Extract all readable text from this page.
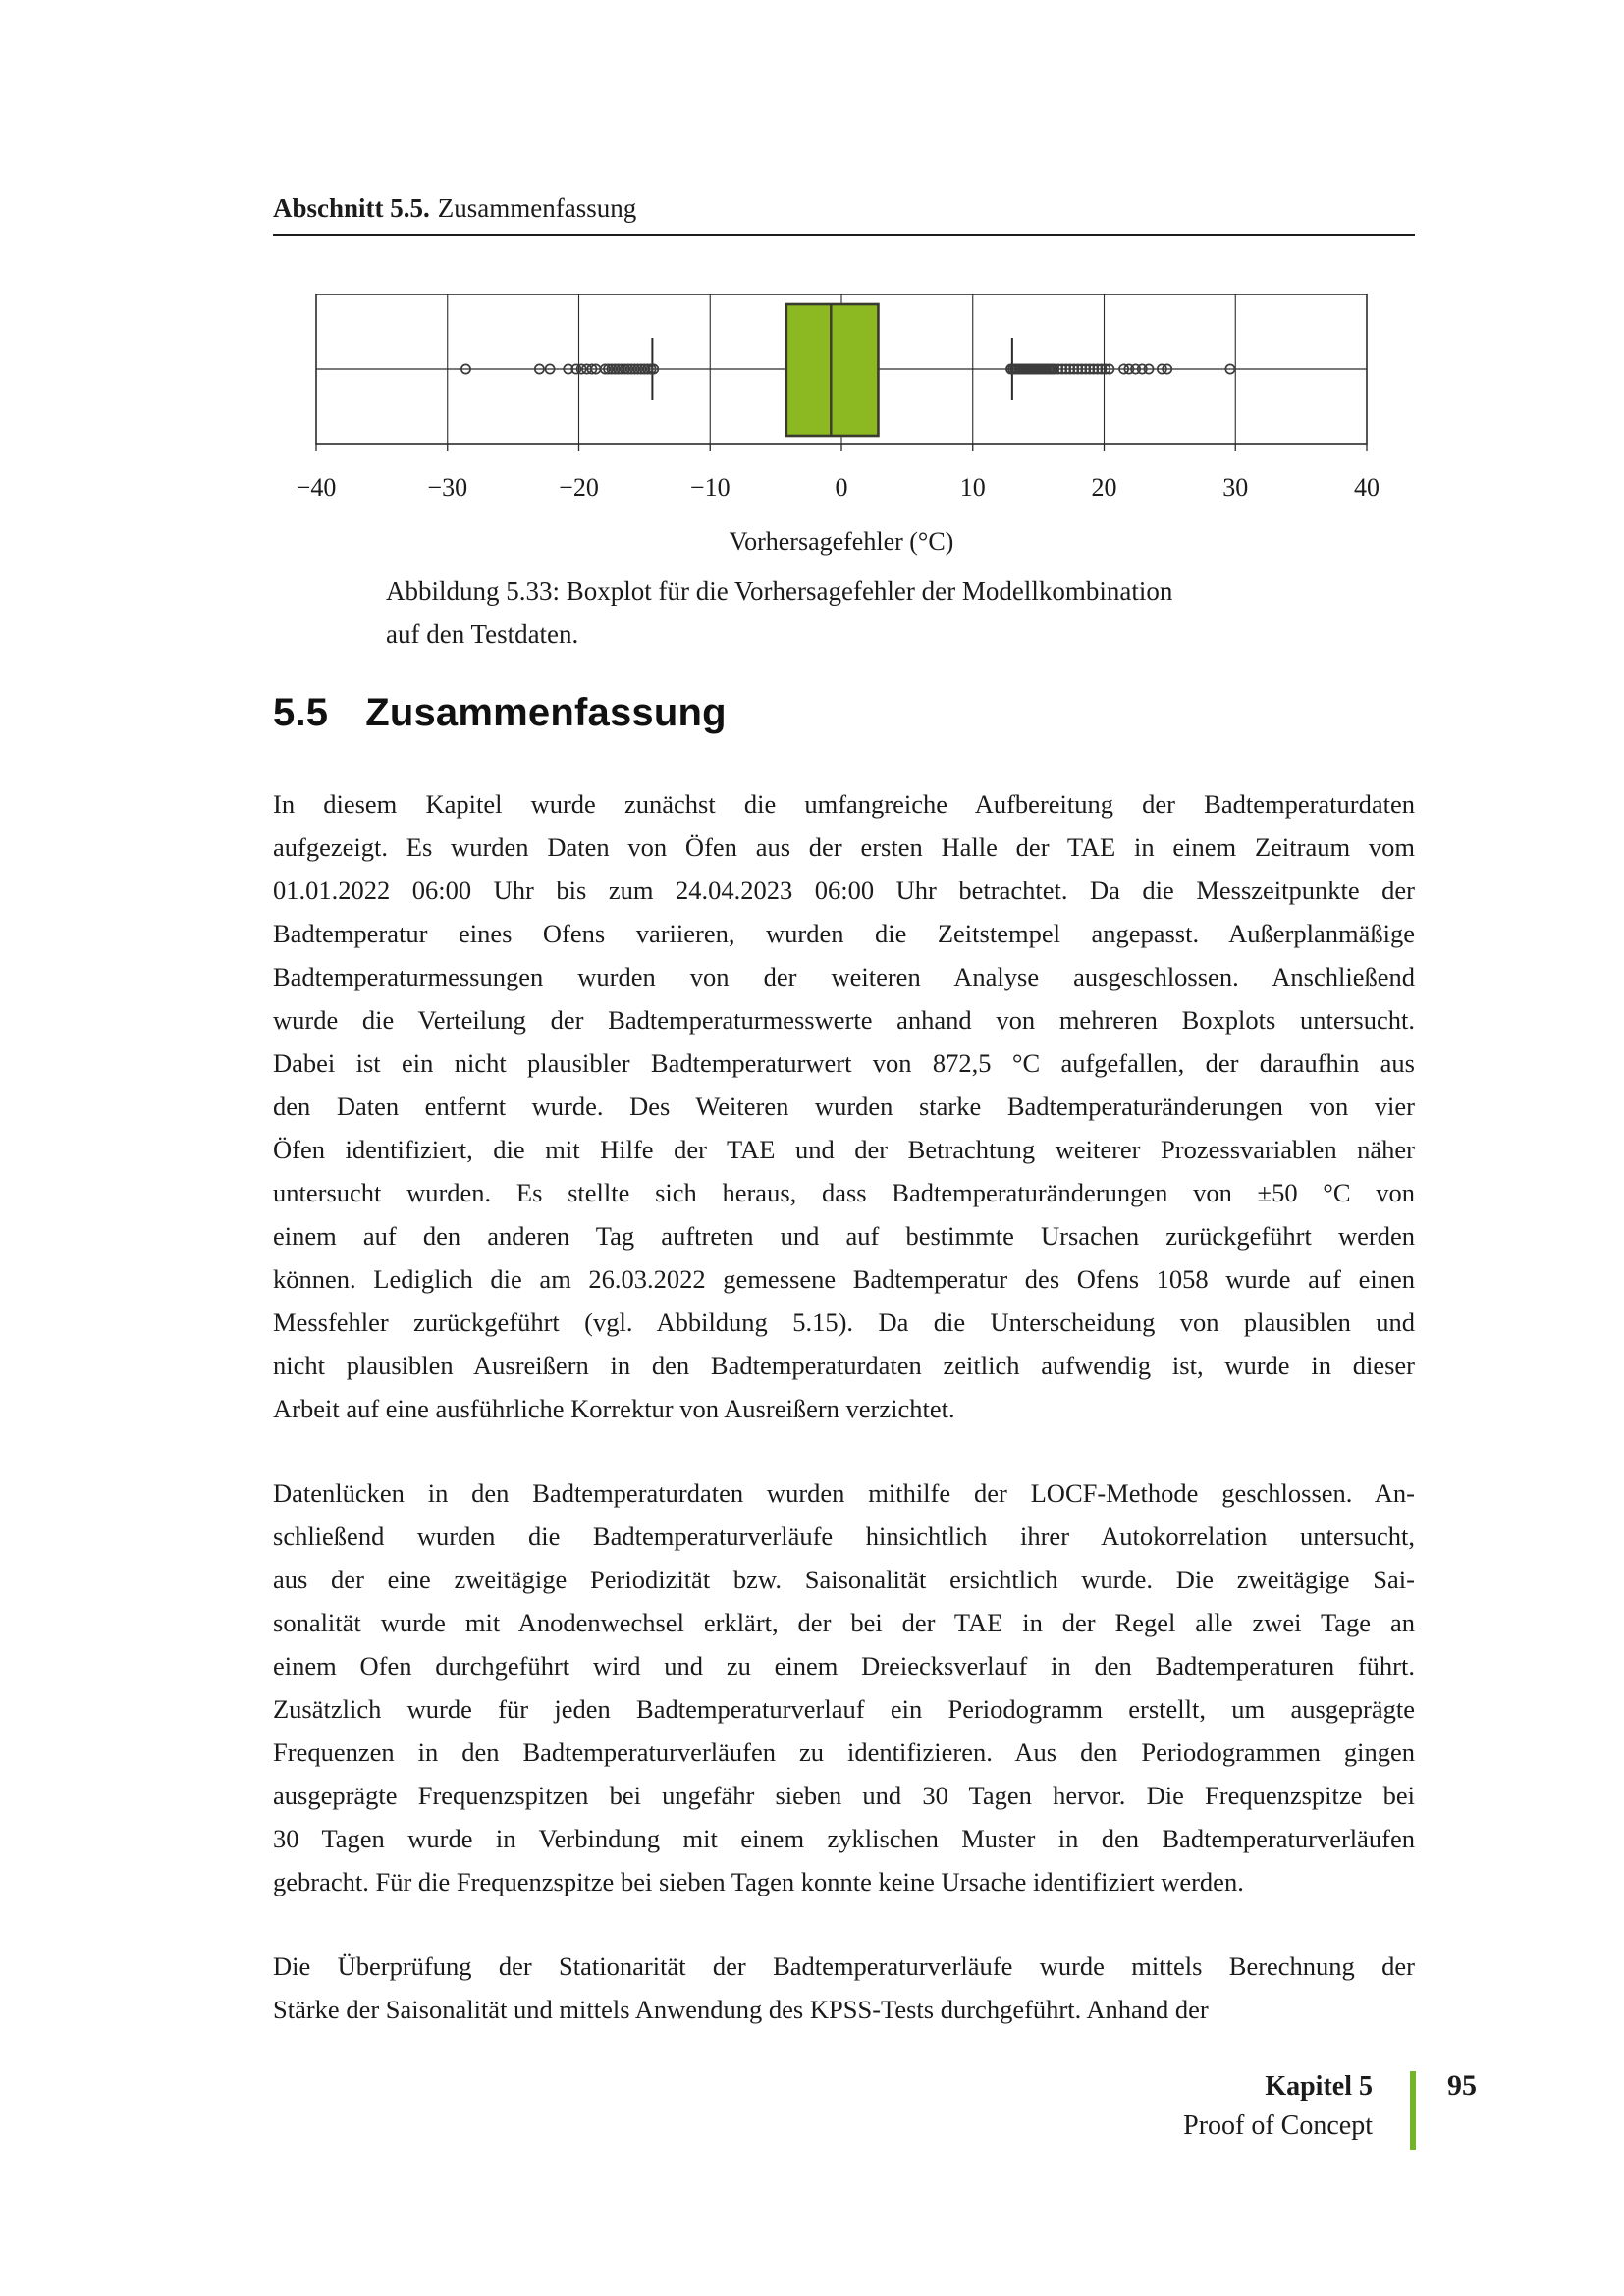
Abschnitt 5.5. Zusammenfassung
−40	−30	−20	−10	0	10	20	30	40
Vorhersagefehler (°C)
Abbildung 5.33: Boxplot für die Vorhersagefehler der Modellkombination
auf den Testdaten.
5.5 Zusammenfassung
In diesem Kapitel wurde zunächst die umfangreiche Aufbereitung der Badtemperaturdaten
aufgezeigt. Es wurden Daten von Öfen aus der ersten Halle der TAE in einem Zeitraum vom
01.01.2022 06:00 Uhr bis zum 24.04.2023 06:00 Uhr betrachtet. Da die Messzeitpunkte der
Badtemperatur eines Ofens variieren, wurden die Zeitstempel angepasst. Außerplanmäßige
Badtemperaturmessungen wurden von der weiteren Analyse ausgeschlossen. Anschließend
wurde die Verteilung der Badtemperaturmesswerte anhand von mehreren Boxplots untersucht.
Dabei ist ein nicht plausibler Badtemperaturwert von 872,5 °C aufgefallen, der daraufhin aus
den Daten entfernt wurde. Des Weiteren wurden starke Badtemperaturänderungen von vier
Öfen identifiziert, die mit Hilfe der TAE und der Betrachtung weiterer Prozessvariablen näher
untersucht wurden. Es stellte sich heraus, dass Badtemperaturänderungen von ±50 °C von
einem auf den anderen Tag auftreten und auf bestimmte Ursachen zurückgeführt werden
können. Lediglich die am 26.03.2022 gemessene Badtemperatur des Ofens 1058 wurde auf einen
Messfehler zurückgeführt (vgl. Abbildung 5.15). Da die Unterscheidung von plausiblen und
nicht plausiblen Ausreißern in den Badtemperaturdaten zeitlich aufwendig ist, wurde in dieser
Arbeit auf eine ausführliche Korrektur von Ausreißern verzichtet.
Datenlücken in den Badtemperaturdaten wurden mithilfe der LOCF-Methode geschlossen. An-
schließend wurden die Badtemperaturverläufe hinsichtlich ihrer Autokorrelation untersucht,
aus der eine zweitägige Periodizität bzw. Saisonalität ersichtlich wurde. Die zweitägige Sai-
sonalität wurde mit Anodenwechsel erklärt, der bei der TAE in der Regel alle zwei Tage an
einem Ofen durchgeführt wird und zu einem Dreiecksverlauf in den Badtemperaturen führt.
Zusätzlich wurde für jeden Badtemperaturverlauf ein Periodogramm erstellt, um ausgeprägte
Frequenzen in den Badtemperaturverläufen zu identifizieren. Aus den Periodogrammen gingen
ausgeprägte Frequenzspitzen bei ungefähr sieben und 30 Tagen hervor. Die Frequenzspitze bei
30 Tagen wurde in Verbindung mit einem zyklischen Muster in den Badtemperaturverläufen
gebracht. Für die Frequenzspitze bei sieben Tagen konnte keine Ursache identifiziert werden.
Die Überprüfung der Stationarität der Badtemperaturverläufe wurde mittels Berechnung der
Stärke der Saisonalität und mittels Anwendung des KPSS-Tests durchgeführt. Anhand der
Kapitel 5
Proof of Concept
95
